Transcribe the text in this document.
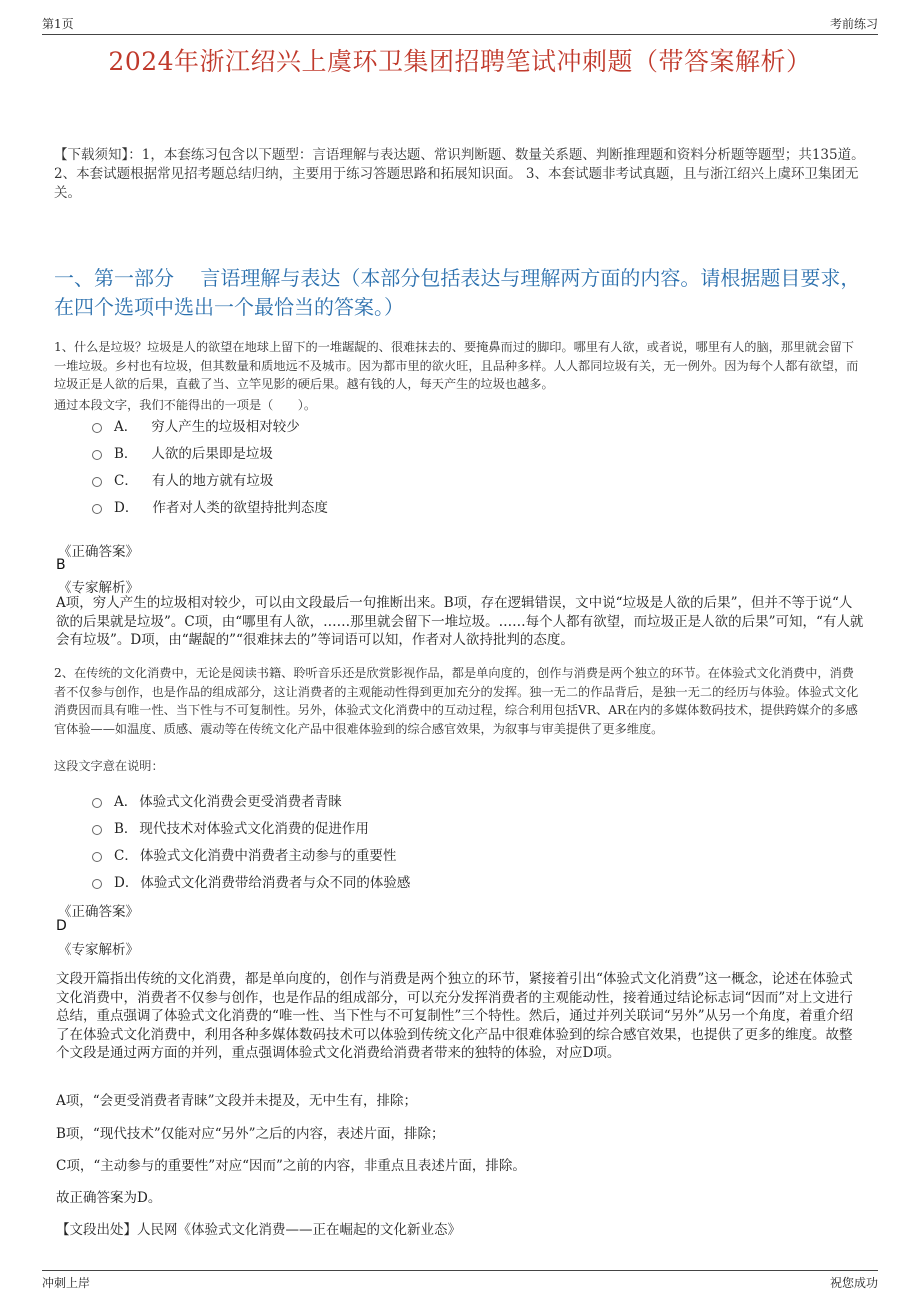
第1页	考前练习
2024年浙江绍兴上虞环卫集团招聘笔试冲刺题（带答案解析）
【下载须知】：1，本套练习包含以下题型：言语理解与表达题、常识判断题、数量关系题、判断推理题和资料分析题等题型；共135道。 2、本套试题根据常见招考题总结归纳，主要用于练习答题思路和拓展知识面。 3、本套试题非考试真题，且与浙江绍兴上虞环卫集团无关。
一、第一部分　 言语理解与表达（本部分包括表达与理解两方面的内容。请根据题目要求，在四个选项中选出一个最恰当的答案。）
1、什么是垃圾？垃圾是人的欲望在地球上留下的一堆龌龊的、很难抹去的、要掩鼻而过的脚印。哪里有人欲，或者说，哪里有人的脑，那里就会留下一堆垃圾。乡村也有垃圾，但其数量和质地远不及城市。因为都市里的欲火旺，且品种多样。人人都同垃圾有关，无一例外。因为每个人都有欲望，而垃圾正是人欲的后果，直截了当、立竿见影的硬后果。越有钱的人，每天产生的垃圾也越多。
通过本段文字，我们不能得出的一项是（　　）。
A． 穷人产生的垃圾相对较少
B． 人欲的后果即是垃圾
C． 有人的地方就有垃圾
D． 作者对人类的欲望持批判态度
《正确答案》
B
《专家解析》
A项，穷人产生的垃圾相对较少，可以由文段最后一句推断出来。B项，存在逻辑错误，文中说“垃圾是人欲的后果”，但并不等于说“人欲的后果就是垃圾”。C项，由“哪里有人欲，……那里就会留下一堆垃圾。……每个人都有欲望，而垃圾正是人欲的后果”可知，“有人就会有垃圾”。D项，由“龌龊的”“很难抹去的”等词语可以知，作者对人欲持批判的态度。
2、在传统的文化消费中，无论是阅读书籍、聆听音乐还是欣赏影视作品，都是单向度的，创作与消费是两个独立的环节。在体验式文化消费中，消费者不仅参与创作，也是作品的组成部分，这让消费者的主观能动性得到更加充分的发挥。独一无二的作品背后，是独一无二的经历与体验。体验式文化消费因而具有唯一性、当下性与不可复制性。另外，体验式文化消费中的互动过程，综合利用包括VR、AR在内的多媒体数码技术，提供跨媒介的多感官体验——如温度、质感、震动等在传统文化产品中很难体验到的综合感官效果，为叙事与审美提供了更多维度。
这段文字意在说明：
A． 体验式文化消费会更受消费者青睐
B． 现代技术对体验式文化消费的促进作用
C． 体验式文化消费中消费者主动参与的重要性
D． 体验式文化消费带给消费者与众不同的体验感
《正确答案》
D
《专家解析》
文段开篇指出传统的文化消费，都是单向度的，创作与消费是两个独立的环节，紧接着引出“体验式文化消费”这一概念，论述在体验式文化消费中，消费者不仅参与创作，也是作品的组成部分，可以充分发挥消费者的主观能动性，接着通过结论标志词“因而”对上文进行总结，重点强调了体验式文化消费的“唯一性、当下性与不可复制性”三个特性。然后，通过并列关联词“另外”从另一个角度，着重介绍了在体验式文化消费中，利用各种多媒体数码技术可以体验到传统文化产品中很难体验到的综合感官效果，也提供了更多的维度。故整个文段是通过两方面的并列，重点强调体验式文化消费给消费者带来的独特的体验，对应D项。
A项，“会更受消费者青睐”文段并未提及，无中生有，排除；
B项，“现代技术”仅能对应“另外”之后的内容，表述片面，排除；
C项，“主动参与的重要性”对应“因而”之前的内容，非重点且表述片面，排除。
故正确答案为D。
【文段出处】人民网《体验式文化消费——正在崛起的文化新业态》
冲刺上岸	祝您成功
